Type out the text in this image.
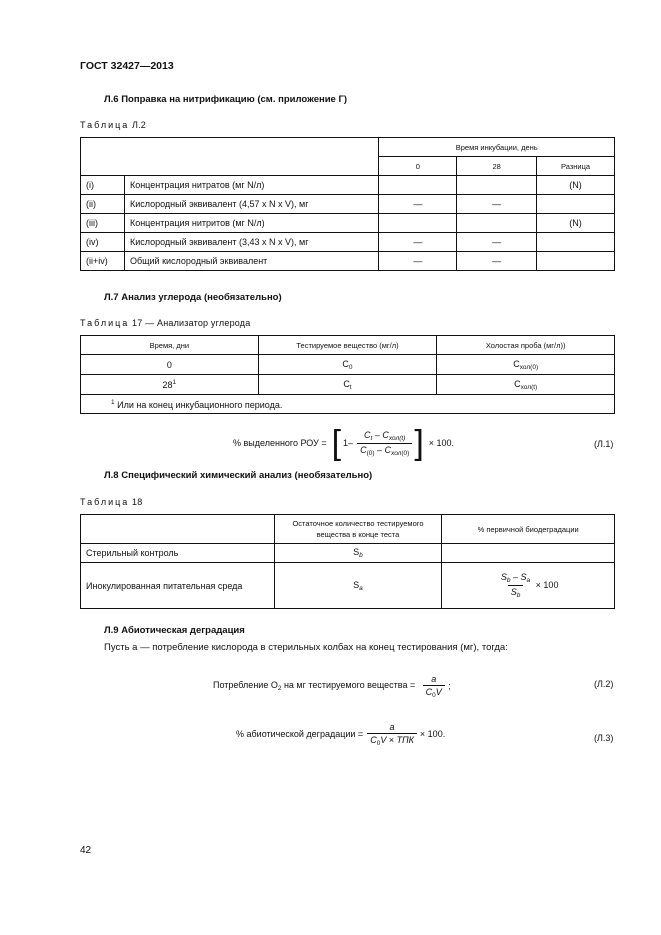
ГОСТ 32427—2013
Л.6 Поправка на нитрификацию (см. приложение Г)
Таблица Л.2
		Время инкубации, день		
		0	28	Разница
(i)	Концентрация нитратов (мг N/л)			(N)
(ii)	Кислородный эквивалент (4,57 х N x V), мг	—	—	
(iii)	Концентрация нитритов (мг N/л)			(N)
(iv)	Кислородный эквивалент (3,43 х N x V), мг	—	—	
(ii+iv)	Общий кислородный эквивалент	—	—	
Л.7 Анализ углерода (необязательно)
Таблица 17 — Анализатор углерода
Время, дни	Тестируемое вещество (мг/л)	Холостая проба (мг/л))
0	$C_0$	$C_{хол(0)}$
$28^1$	$C_t$	$C_{хол(t)}$
$^1$ Или на конец инкубационного периода.		
% выделенного РОУ = [ $1- \frac{C_t - C_{хол(t)}}{C_{(0)} - C_{хол(0)}}$ ] × 100.	(Л.1)
Л.8 Специфический химический анализ (необязательно)
Таблица 18
	Остаточное количество тестируемого вещества в конце теста	% первичной биодеградации
Стерильный контроль	$S_b$	
Инокулированная питательная среда	$S_a$	$\frac{S_b - S_a}{S_b} \times 100$
Л.9 Абиотическая деградация
Пусть а — потребление кислорода в стерильных колбах на конец тестирования (мг), тогда:
Потребление $O_2$ на мг тестируемого вещества = $\frac{a}{C_0V}$ ;	(Л.2)
% абиотической деградации = $\frac{a}{C_0V \times ТПК} \times 100$.	(Л.3)
42
